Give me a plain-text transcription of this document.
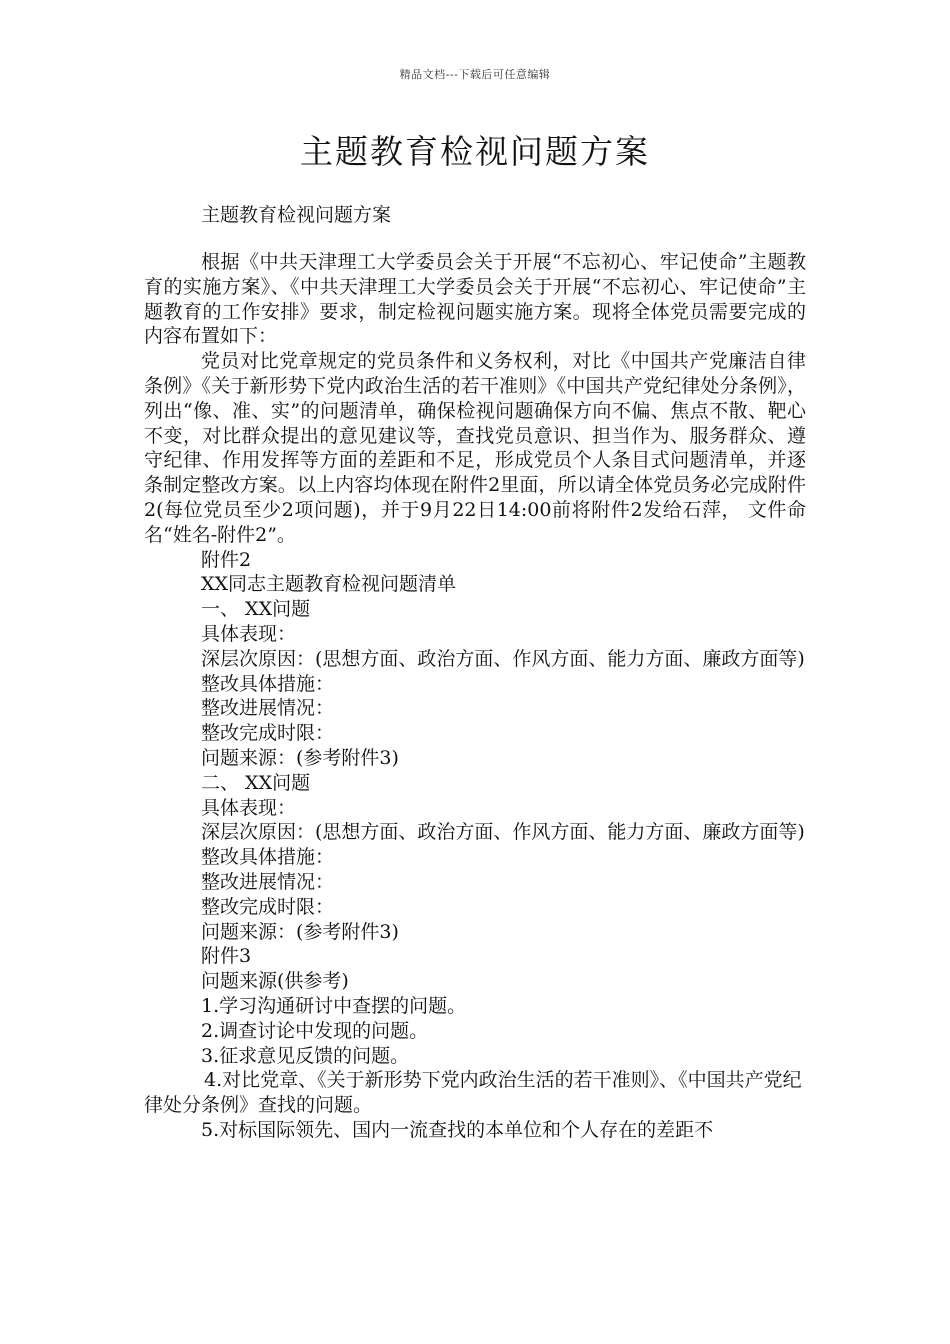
精品文档---下载后可任意编辑
主题教育检视问题方案
主题教育检视问题方案

根据《中共天津理工大学委员会关于开展“不忘初心、牢记使命”主题教育的实施方案》、《中共天津理工大学委员会关于开展“不忘初心、牢记使命”主题教育的工作安排》要求，制定检视问题实施方案。现将全体党员需要完成的内容布置如下：

党员对比党章规定的党员条件和义务权利，对比《中国共产党廉洁自律条例》《关于新形势下党内政治生活的若干准则》《中国共产党纪律处分条例》，列出“像、准、实”的问题清单，确保检视问题确保方向不偏、焦点不散、靶心不变，对比群众提出的意见建议等，查找党员意识、担当作为、服务群众、遵守纪律、作用发挥等方面的差距和不足，形成党员个人条目式问题清单，并逐条制定整改方案。以上内容均体现在附件2里面，所以请全体党员务必完成附件2(每位党员至少2项问题)，并于9月22日14:00前将附件2发给石萍， 文件命名“姓名-附件2”。

附件2

XX同志主题教育检视问题清单

一、 XX问题

具体表现：

深层次原因：(思想方面、政治方面、作风方面、能力方面、廉政方面等)

整改具体措施：

整改进展情况：

整改完成时限：

问题来源：(参考附件3)

二、 XX问题

具体表现：

深层次原因：(思想方面、政治方面、作风方面、能力方面、廉政方面等)

整改具体措施：

整改进展情况：

整改完成时限：

问题来源：(参考附件3)

附件3

问题来源(供参考)

1.学习沟通研讨中查摆的问题。

2.调查讨论中发现的问题。

3.征求意见反馈的问题。

4.对比党章、《关于新形势下党内政治生活的若干准则》、《中国共产党纪律处分条例》查找的问题。

5.对标国际领先、国内一流查找的本单位和个人存在的差距不
